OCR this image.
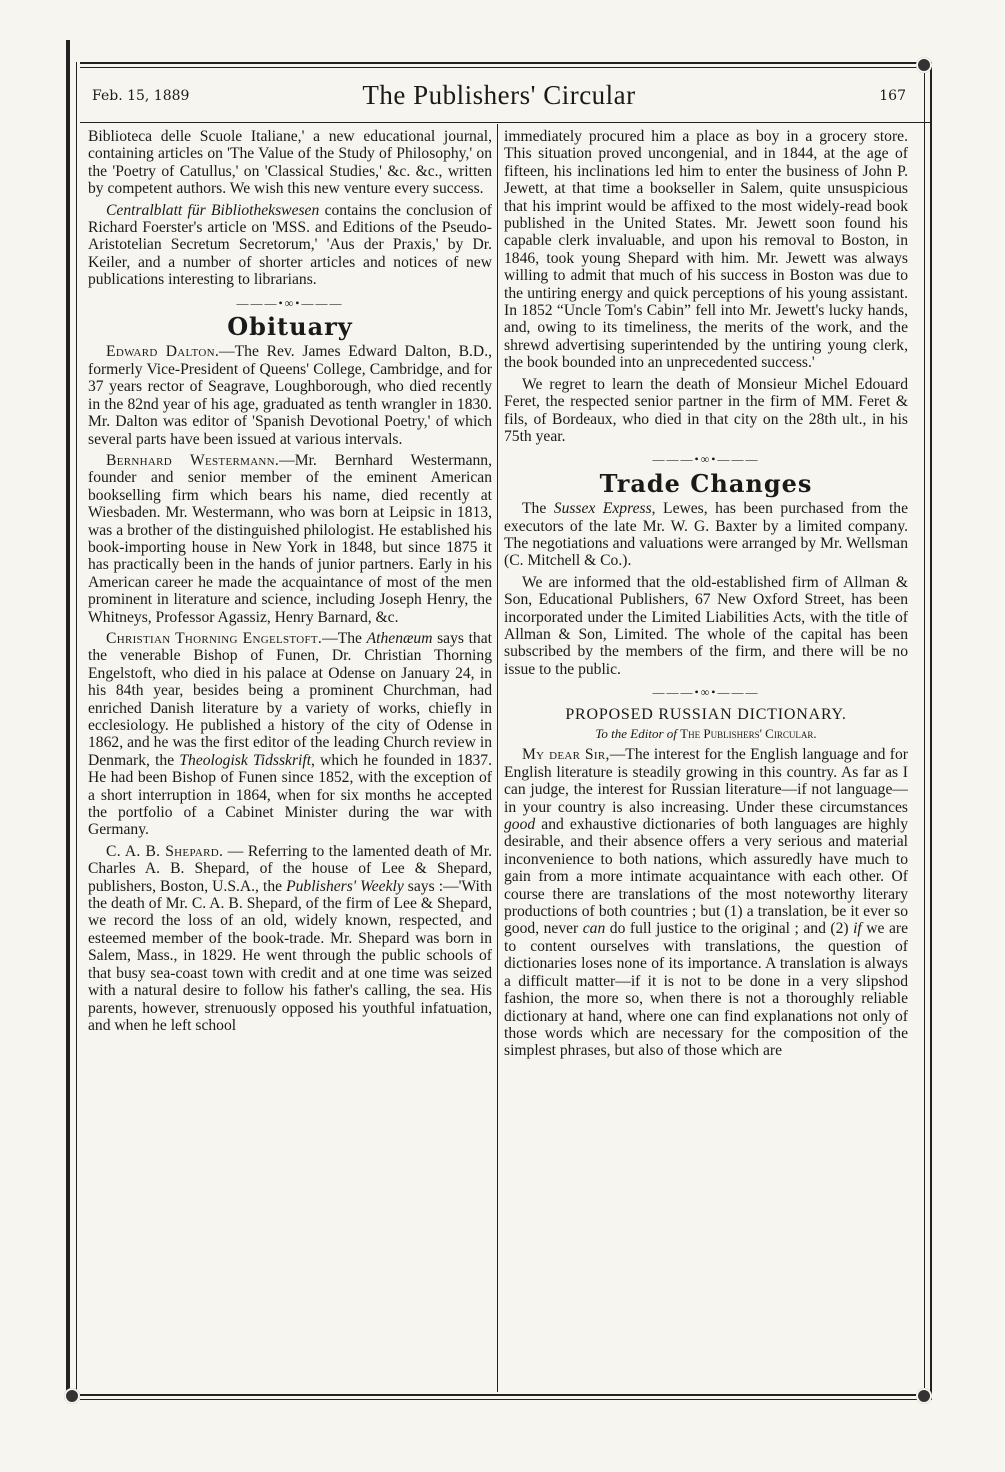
Feb. 15, 1889	The Publishers' Circular	167

Biblioteca delle Scuole Italiane,' a new educational journal, containing articles on 'The Value of the Study of Philosophy,' on the 'Poetry of Catullus,' on 'Classical Studies,' &c. &c., written by competent authors. We wish this new venture every success.

Centralblatt für Bibliothekswesen contains the conclusion of Richard Foerster's article on 'MSS. and Editions of the Pseudo-Aristotelian Secretum Secretorum,' 'Aus der Praxis,' by Dr. Keiler, and a number of shorter articles and notices of new publications interesting to librarians.

———•∞•———
Obituary

Edward Dalton.—The Rev. James Edward Dalton, B.D., formerly Vice-President of Queens' College, Cambridge, and for 37 years rector of Seagrave, Loughborough, who died recently in the 82nd year of his age, graduated as tenth wrangler in 1830. Mr. Dalton was editor of 'Spanish Devotional Poetry,' of which several parts have been issued at various intervals.

Bernhard Westermann.—Mr. Bernhard Westermann, founder and senior member of the eminent American bookselling firm which bears his name, died recently at Wiesbaden. Mr. Westermann, who was born at Leipsic in 1813, was a brother of the distinguished philologist. He established his book-importing house in New York in 1848, but since 1875 it has practically been in the hands of junior partners. Early in his American career he made the acquaintance of most of the men prominent in literature and science, including Joseph Henry, the Whitneys, Professor Agassiz, Henry Barnard, &c.

Christian Thorning Engelstoft.—The Athenæum says that the venerable Bishop of Funen, Dr. Christian Thorning Engelstoft, who died in his palace at Odense on January 24, in his 84th year, besides being a prominent Churchman, had enriched Danish literature by a variety of works, chiefly in ecclesiology. He published a history of the city of Odense in 1862, and he was the first editor of the leading Church review in Denmark, the Theologisk Tidsskrift, which he founded in 1837. He had been Bishop of Funen since 1852, with the exception of a short interruption in 1864, when for six months he accepted the portfolio of a Cabinet Minister during the war with Germany.

C. A. B. Shepard. — Referring to the lamented death of Mr. Charles A. B. Shepard, of the house of Lee & Shepard, publishers, Boston, U.S.A., the Publishers' Weekly says :—'With the death of Mr. C. A. B. Shepard, of the firm of Lee & Shepard, we record the loss of an old, widely known, respected, and esteemed member of the book-trade. Mr. Shepard was born in Salem, Mass., in 1829. He went through the public schools of that busy sea-coast town with credit and at one time was seized with a natural desire to follow his father's calling, the sea. His parents, however, strenuously opposed his youthful infatuation, and when he left school

immediately procured him a place as boy in a grocery store. This situation proved uncongenial, and in 1844, at the age of fifteen, his inclinations led him to enter the business of John P. Jewett, at that time a bookseller in Salem, quite unsuspicious that his imprint would be affixed to the most widely-read book published in the United States. Mr. Jewett soon found his capable clerk invaluable, and upon his removal to Boston, in 1846, took young Shepard with him. Mr. Jewett was always willing to admit that much of his success in Boston was due to the untiring energy and quick perceptions of his young assistant. In 1852 “Uncle Tom's Cabin” fell into Mr. Jewett's lucky hands, and, owing to its timeliness, the merits of the work, and the shrewd advertising superintended by the untiring young clerk, the book bounded into an unprecedented success.'

We regret to learn the death of Monsieur Michel Edouard Feret, the respected senior partner in the firm of MM. Feret & fils, of Bordeaux, who died in that city on the 28th ult., in his 75th year.

———•∞•———
Trade Changes

The Sussex Express, Lewes, has been purchased from the executors of the late Mr. W. G. Baxter by a limited company. The negotiations and valuations were arranged by Mr. Wellsman (C. Mitchell & Co.).

We are informed that the old-established firm of Allman & Son, Educational Publishers, 67 New Oxford Street, has been incorporated under the Limited Liabilities Acts, with the title of Allman & Son, Limited. The whole of the capital has been subscribed by the members of the firm, and there will be no issue to the public.

———•∞•———
PROPOSED RUSSIAN DICTIONARY.
To the Editor of The Publishers' Circular.

My dear Sir,—The interest for the English language and for English literature is steadily growing in this country. As far as I can judge, the interest for Russian literature—if not language—in your country is also increasing. Under these circumstances good and exhaustive dictionaries of both languages are highly desirable, and their absence offers a very serious and material inconvenience to both nations, which assuredly have much to gain from a more intimate acquaintance with each other. Of course there are translations of the most noteworthy literary productions of both countries ; but (1) a translation, be it ever so good, never can do full justice to the original ; and (2) if we are to content ourselves with translations, the question of dictionaries loses none of its importance. A translation is always a difficult matter—if it is not to be done in a very slipshod fashion, the more so, when there is not a thoroughly reliable dictionary at hand, where one can find explanations not only of those words which are necessary for the composition of the simplest phrases, but also of those which are
